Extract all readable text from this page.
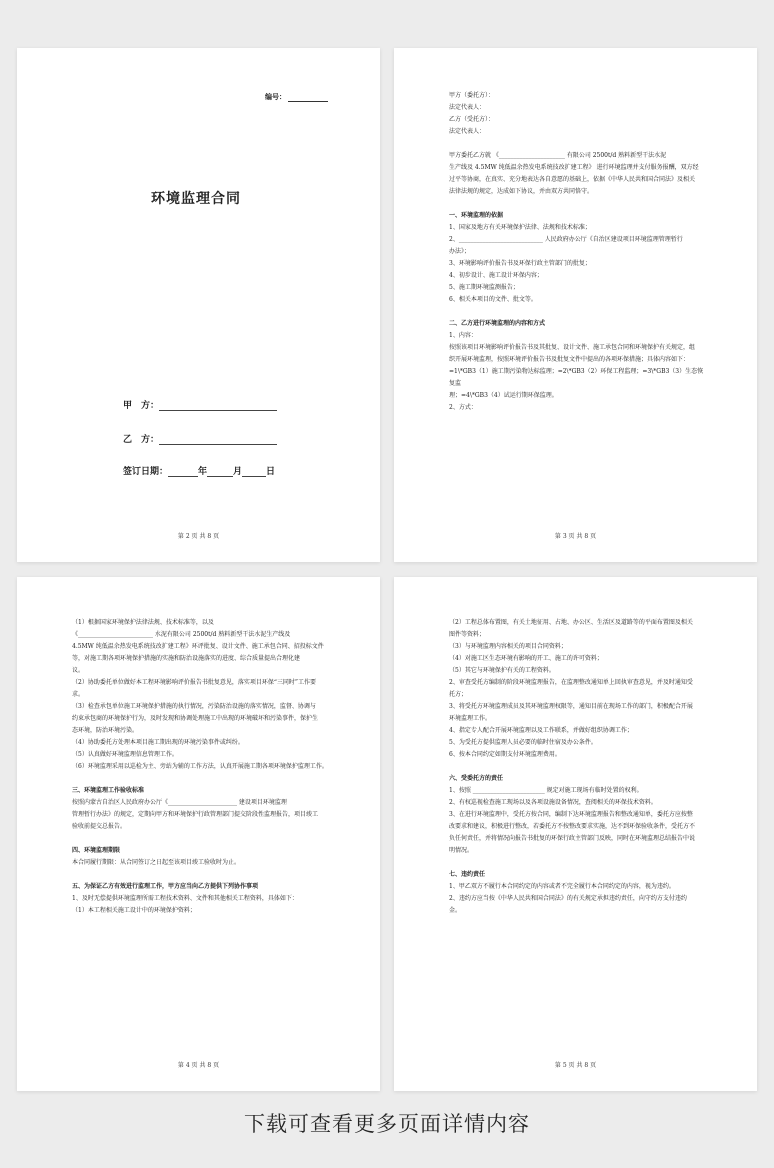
编号：
环境监理合同
甲　方：
乙　方：
签订日期：	年	月	日
第 2 页 共 8 页

甲方（委托方）：

法定代表人：

乙方（受托方）：

法定代表人：

甲方委托乙方就 《______________________ 有限公司 2500t/d 熟料新型干法水泥

生产线及 4.5MW 纯低温余热发电系统技改扩建工程》 进行环境监理并支付服务报酬，双方经

过平等协商，在真实、充分地表达各自意愿的基础上，依据《中华人民共和国合同法》及相关

法律法规的规定，达成如下协议，并由双方共同恪守。

一、环境监理的依据

1、国家及地方有关环境保护法律、法规和技术标准；

2、____________________________ 人民政府办公厅《自治区建设项目环境监理管理暂行

办法》；

3、环境影响评价报告书及环保行政主管部门的批复；

4、初步设计、施工设计环保内容；

5、施工期环境监测报告；

6、相关本项目的文件、批文等。

二、乙方进行环境监理的内容和方式

1、内容：

按照该项目环境影响评价报告书及其批复、设计文件、施工承包合同和环境保护有关规定，组

织开展环境监理，按照环境评价报告书及批复文件中提出的各项环保措施；具体内容如下：

=1\*GB3（1）施工期污染物达标监理；=2\*GB3（2）环保工程监理；=3\*GB3（3）生态恢复监

理；=4\*GB3（4）试运行期环保监理。

2、方式：

第 3 页 共 8 页

（1）根据国家环境保护法律法规、技术标准等，以及

《_________________________ 水泥有限公司 2500t/d 熟料新型干法水泥生产线及

4.5MW 纯低温余热发电系统技改扩建工程》环评批复、设计文件、施工承包合同、招投标文件

等，对施工期各项环境保护措施的实施和防治设施落实的进度、综合质量提出合理化建

议。

（2）协助委托单位做好本工程环境影响评价报告书批复意见，落实项目环保“三同时”工作要

求。

（3）检查承包单位施工环境保护措施的执行情况，污染防治设施的落实情况，监督、协调与

约束承包商的环境保护行为，及时发现和协调处理施工中出现的环境破坏和污染事件，保护生

态环境，防治环境污染。

（4）协助委托方处理本项目施工期出现的环境污染事件或纠纷。

（5）认真做好环境监理信息管理工作。

（6）环境监理采用以巡检为主、旁站为辅的工作方法，认真开展施工期各项环境保护监理工作。

三、环境监理工作验收标准

按照内蒙古自治区人民政府办公厅《_______________________ 建设项目环境监理

管理暂行办法》的规定，定期向甲方和环境保护行政管理部门提交阶段性监理报告，项目竣工

验收前提交总报告。

四、环境监理期限

本合同履行期限：从合同签订之日起至该项目竣工验收时为止。

五、为保证乙方有效进行监理工作，甲方应当向乙方提供下列协作事项

1、及时无偿提供环境监理所需工程技术资料、文件和其他相关工程资料，具体如下：

（1）本工程相关施工设计中的环境保护资料；

第 4 页 共 8 页

（2）工程总体布置图，有关土地征用、占地、办公区、生活区及道路等的平面布置图及相关

图件等资料；

（3）与环境监理内容相关的项目合同资料；

（4）对施工区生态环境有影响的开工、施工的许可资料；

（5）其它与环境保护有关的工程资料。

2、审查受托方编制的阶段环境监理报告，在监理整改通知单上回执审查意见，并及时通知受

托方；

3、将受托方环境监理成员及其环境监理权限等，通知目前在现场工作的部门，积极配合开展

环境监理工作。

4、指定专人配合开展环境监理以及工作联系，并做好组织协调工作；

5、为受托方提供监理人员必要的临时住宿及办公条件。

6、按本合同约定如期支付环境监理费用。

六、受委托方的责任

1、按照 ________________________ 规定对施工现场有临时处置的权利。

2、有权巡视检查施工现场以及各项设施设备情况，查阅相关的环保技术资料。

3、在进行环境监理中，受托方按合同，编制下达环境监理报告和整改通知单，委托方应按整

改要求和建议，积极进行整改，若委托方不按整改要求实施，达不到环保验收条件，受托方不

负任何责任，并将情况向报告书批复的环保行政主管部门反映，同时在环境监理总结报告中说

明情况。

七、违约责任

1、甲乙双方不履行本合同约定的内容或者不完全履行本合同约定的内容，视为违约。

2、违约方应当按《中华人民共和国合同法》的有关规定承担违约责任，向守约方支付违约

金。

第 5 页 共 8 页
下载可查看更多页面详情内容
